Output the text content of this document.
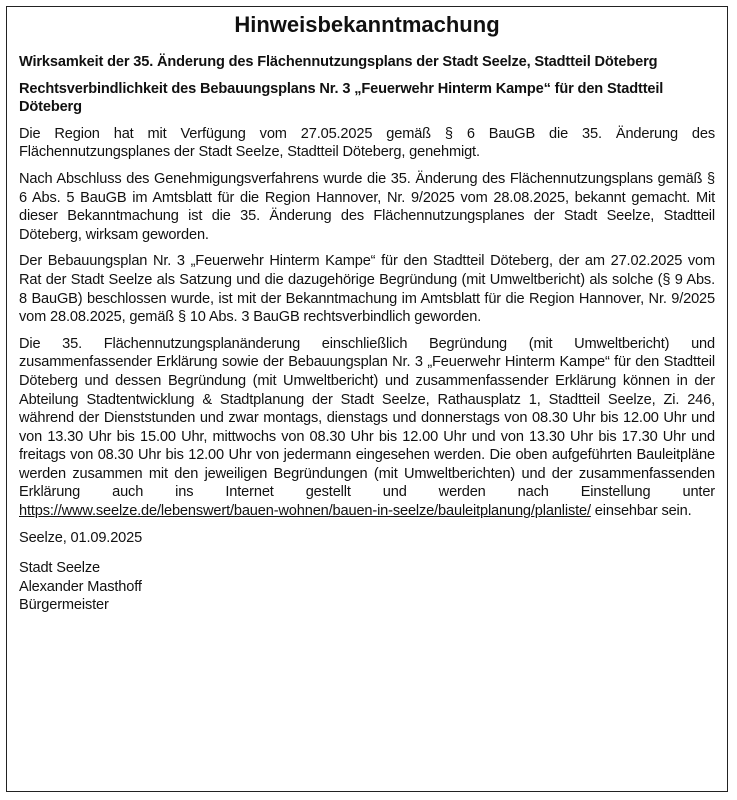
Hinweisbekanntmachung
Wirksamkeit der 35. Änderung des Flächennutzungsplans der Stadt Seelze, Stadtteil Döteberg
Rechtsverbindlichkeit des Bebauungsplans Nr. 3 „Feuerwehr Hinterm Kampe“ für den Stadtteil Döteberg
Die Region hat mit Verfügung vom 27.05.2025 gemäß § 6 BauGB die 35. Änderung des Flächennutzungsplanes der Stadt Seelze, Stadtteil Döteberg, genehmigt.
Nach Abschluss des Genehmigungsverfahrens wurde die 35. Änderung des Flächennutzungsplans gemäß § 6 Abs. 5 BauGB im Amtsblatt für die Region Hannover, Nr. 9/2025 vom 28.08.2025, bekannt gemacht. Mit dieser Bekanntmachung ist die 35. Änderung des Flächennutzungsplanes der Stadt Seelze, Stadtteil Döteberg, wirksam geworden.
Der Bebauungsplan Nr. 3 „Feuerwehr Hinterm Kampe“ für den Stadtteil Döteberg, der am 27.02.2025 vom Rat der Stadt Seelze als Satzung und die dazugehörige Begründung (mit Umweltbericht) als solche (§ 9 Abs. 8 BauGB) beschlossen wurde, ist mit der Bekanntmachung im Amtsblatt für die Region Hannover, Nr. 9/2025 vom 28.08.2025, gemäß § 10 Abs. 3 BauGB rechtsverbindlich geworden.
Die 35. Flächennutzungsplanänderung einschließlich Begründung (mit Umweltbericht) und zusammenfassender Erklärung sowie der Bebauungsplan Nr. 3 „Feuerwehr Hinterm Kampe“ für den Stadtteil Döteberg und dessen Begründung (mit Umweltbericht) und zusammenfassender Erklärung können in der Abteilung Stadtentwicklung & Stadtplanung der Stadt Seelze, Rathausplatz 1, Stadtteil Seelze, Zi. 246, während der Dienststunden und zwar montags, dienstags und donnerstags von 08.30 Uhr bis 12.00 Uhr und von 13.30 Uhr bis 15.00 Uhr, mittwochs von 08.30 Uhr bis 12.00 Uhr und von 13.30 Uhr bis 17.30 Uhr und freitags von 08.30 Uhr bis 12.00 Uhr von jedermann eingesehen werden. Die oben aufgeführten Bauleitpläne werden zusammen mit den jeweiligen Begründungen (mit Umweltberichten) und der zusammenfassenden Erklärung auch ins Internet gestellt und werden nach Einstellung unter https://www.seelze.de/lebenswert/bauen-wohnen/bauen-in-seelze/bauleitplanung/​planliste/ einsehbar sein.
Seelze, 01.09.2025
Stadt Seelze
Alexander Masthoff
Bürgermeister
